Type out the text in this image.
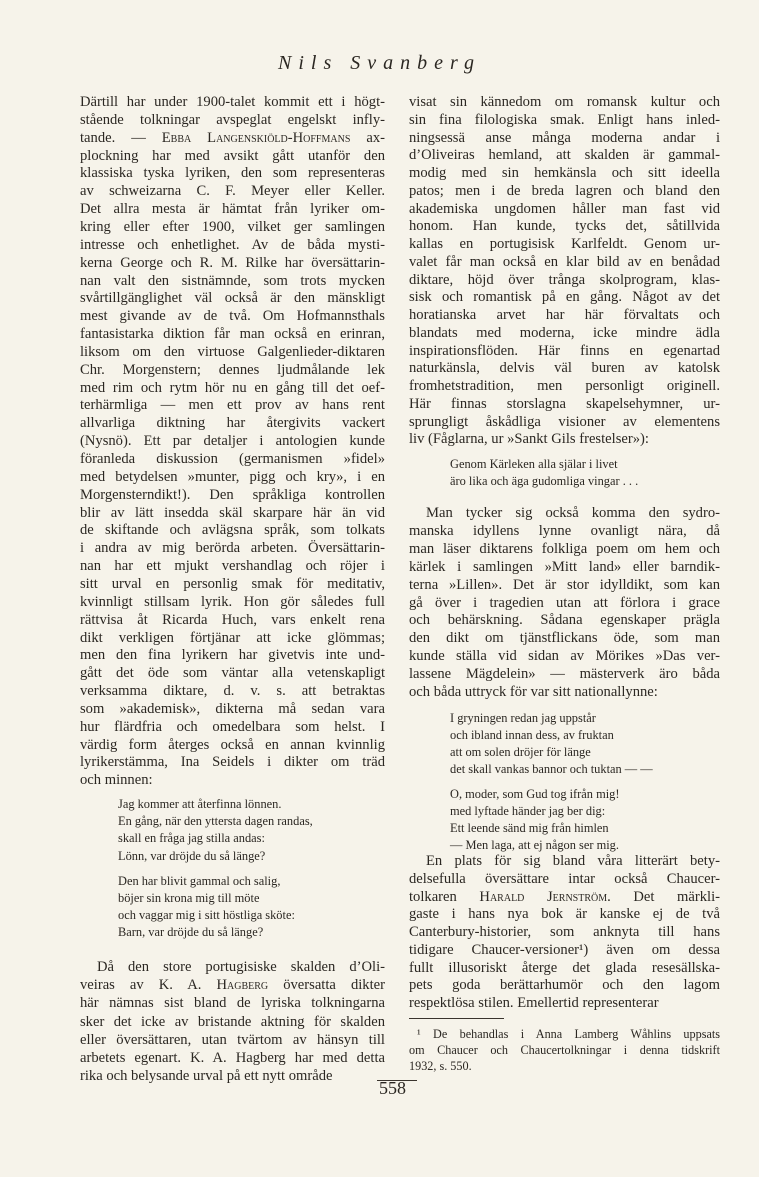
Nils Svanberg
Därtill har under 1900-talet kommit ett i högt-
stående tolkningar avspeglat engelskt infly-
tande. — Ebba Langenskiöld-Hoffmans ax-
plockning har med avsikt gått utanför den
klassiska tyska lyriken, den som representeras
av schweizarna C. F. Meyer eller Keller.
Det allra mesta är hämtat från lyriker om-
kring eller efter 1900, vilket ger samlingen
intresse och enhetlighet. Av de båda mysti-
kerna George och R. M. Rilke har översättarin-
nan valt den sistnämnde, som trots mycken
svårtillgänglighet väl också är den mänskligt
mest givande av de två. Om Hofmannsthals
fantasistarka diktion får man också en erinran,
liksom om den virtuose Galgenlieder-diktaren
Chr. Morgenstern; dennes ljudmålande lek
med rim och rytm hör nu en gång till det oef-
terhärmliga — men ett prov av hans rent
allvarliga diktning har återgivits vackert
(Nysnö). Ett par detaljer i antologien kunde
föranleda diskussion (germanismen »fidel»
med betydelsen »munter, pigg och kry», i en
Morgensterndikt!). Den språkliga kontrollen
blir av lätt insedda skäl skarpare här än vid
de skiftande och avlägsna språk, som tolkats
i andra av mig berörda arbeten. Översättarin-
nan har ett mjukt vershandlag och röjer i
sitt urval en personlig smak för meditativ,
kvinnligt stillsam lyrik. Hon gör således full
rättvisa åt Ricarda Huch, vars enkelt rena
dikt verkligen förtjänar att icke glömmas;
men den fina lyrikern har givetvis inte und-
gått det öde som väntar alla vetenskapligt
verksamma diktare, d. v. s. att betraktas
som »akademisk», dikterna må sedan vara
hur flärdfria och omedelbara som helst. I
värdig form återges också en annan kvinnlig
lyrikerstämma, Ina Seidels i dikter om träd
och minnen:
Jag kommer att återfinna lönnen.
En gång, när den yttersta dagen randas,
skall en fråga jag stilla andas:
Lönn, var dröjde du så länge?
Den har blivit gammal och salig,
böjer sin krona mig till möte
och vaggar mig i sitt höstliga sköte:
Barn, var dröjde du så länge?
Då den store portugisiske skalden d’Oli-
veiras av K. A. Hagberg översatta dikter
här nämnas sist bland de lyriska tolkningarna
sker det icke av bristande aktning för skalden
eller översättaren, utan tvärtom av hänsyn till
arbetets egenart. K. A. Hagberg har med detta
rika och belysande urval på ett nytt område
visat sin kännedom om romansk kultur och
sin fina filologiska smak. Enligt hans inled-
ningsessä anse många moderna andar i
d’Oliveiras hemland, att skalden är gammal-
modig med sin hemkänsla och sitt ideella
patos; men i de breda lagren och bland den
akademiska ungdomen håller man fast vid
honom. Han kunde, tycks det, såtillvida
kallas en portugisisk Karlfeldt. Genom ur-
valet får man också en klar bild av en benådad
diktare, höjd över trånga skolprogram, klas-
sisk och romantisk på en gång. Något av det
horatianska arvet har här förvaltats och
blandats med moderna, icke mindre ädla
inspirationsflöden. Här finns en egenartad
naturkänsla, delvis väl buren av katolsk
fromhetstradition, men personligt originell.
Här finnas storslagna skapelsehymner, ur-
sprungligt åskådliga visioner av elementens
liv (Fåglarna, ur »Sankt Gils frestelser»):
Genom Kärleken alla själar i livet
äro lika och äga gudomliga vingar . . .
Man tycker sig också komma den sydro-
manska idyllens lynne ovanligt nära, då
man läser diktarens folkliga poem om hem och
kärlek i samlingen »Mitt land» eller barndik-
terna »Lillen». Det är stor idylldikt, som kan
gå över i tragedien utan att förlora i grace
och behärskning. Sådana egenskaper prägla
den dikt om tjänstflickans öde, som man
kunde ställa vid sidan av Mörikes »Das ver-
lassene Mägdelein» — mästerverk äro båda
och båda uttryck för var sitt nationallynne:
I gryningen redan jag uppstår
och ibland innan dess, av fruktan
att om solen dröjer för länge
det skall vankas bannor och tuktan — —
O, moder, som Gud tog ifrån mig!
med lyftade händer jag ber dig:
Ett leende sänd mig från himlen
— Men laga, att ej någon ser mig.
En plats för sig bland våra litterärt bety-
delsefulla översättare intar också Chaucer-
tolkaren Harald Jernström. Det märkli-
gaste i hans nya bok är kanske ej de två
Canterbury-historier, som anknyta till hans
tidigare Chaucer-versioner¹) även om dessa
fullt illusoriskt återge det glada resesällska-
pets goda berättarhumör och den lagom
respektlösa stilen. Emellertid representerar
¹ De behandlas i Anna Lamberg Wåhlins uppsats
om Chaucer och Chaucertolkningar i denna tidskrift
1932, s. 550.
558
